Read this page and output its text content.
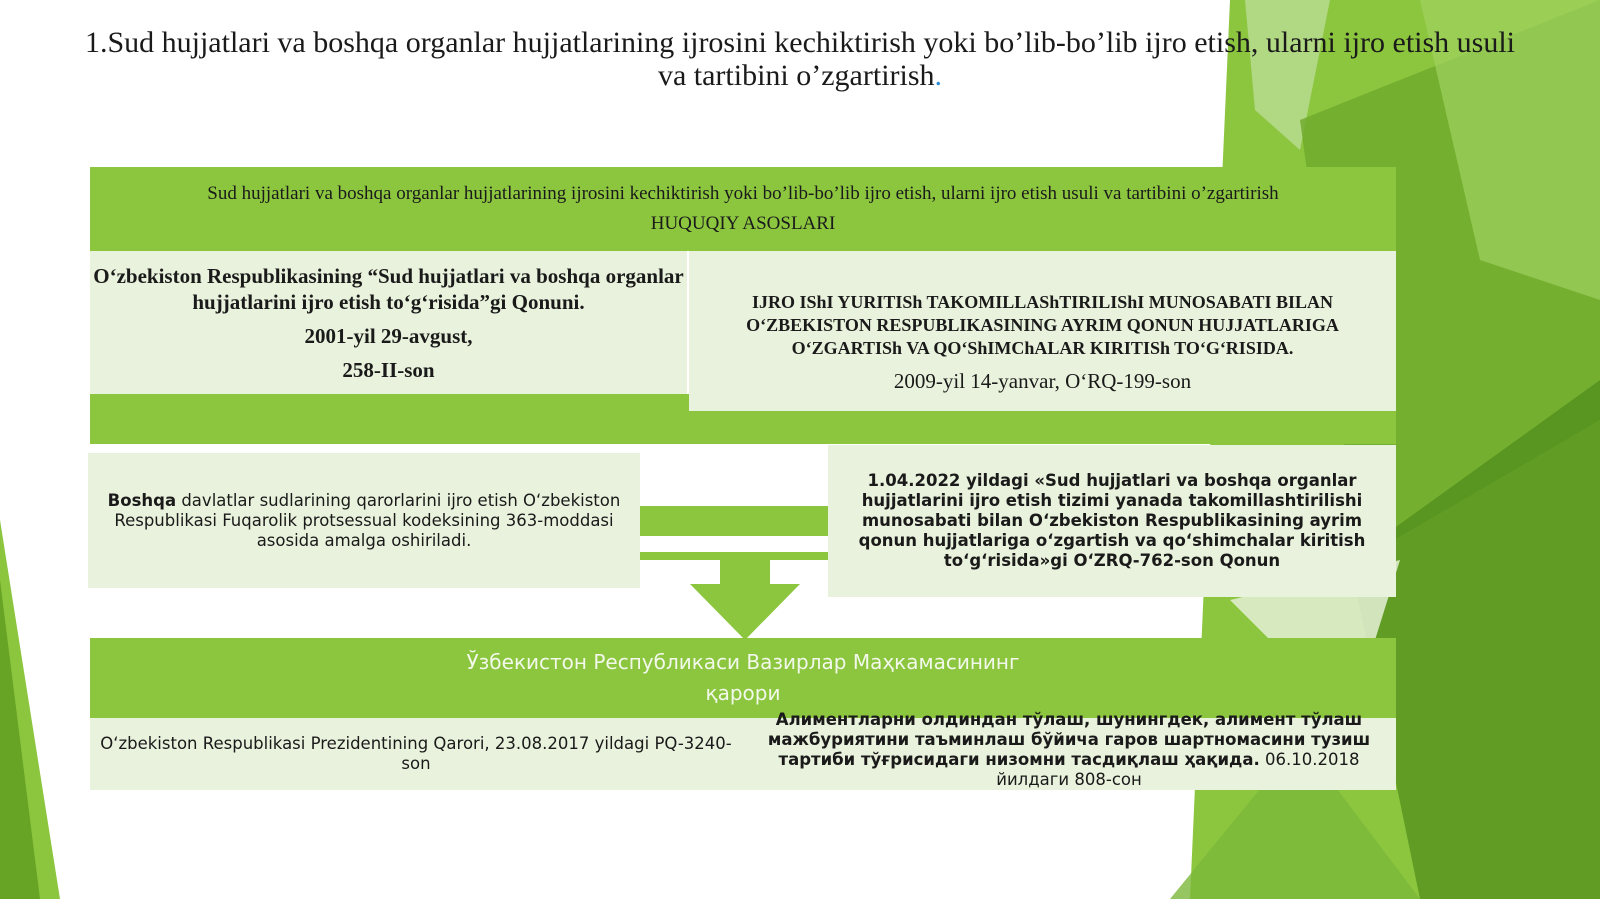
1.Sud hujjatlari va boshqa organlar hujjatlarining ijrosini kechiktirish yoki bo’lib-bo’lib ijro etish, ularni ijro etish usuli va tartibini o’zgartirish.
Sud hujjatlari va boshqa organlar hujjatlarining ijrosini kechiktirish yoki bo’lib-bo’lib ijro etish, ularni ijro etish usuli va tartibini o’zgartirish
HUQUQIY ASOSLARI
IJRO IShI YURITISh TAKOMILLAShTIRILIShI MUNOSABATI BILAN O‘ZBEKISTON RESPUBLIKASINING AYRIM QONUN HUJJATLARIGA O‘ZGARTISh VA QO‘ShIMChALAR KIRITISh TO‘G‘RISIDA.
2009-yil 14-yanvar, O‘RQ-199-son
O‘zbekiston Respublikasining “Sud hujjatlari va boshqa organlar hujjatlarini ijro etish to‘g‘risida”gi Qonuni.
2001-yil 29-avgust,
258-II-son
Boshqa davlatlar sudlarining qarorlarini ijro etish O‘zbekiston Respublikasi Fuqarolik protsessual kodeksining 363-moddasi asosida amalga oshiriladi.
1.04.2022 yildagi «Sud hujjatlari va boshqa organlar hujjatlarini ijro etish tizimi yanada takomillashtirilishi munosabati bilan O‘zbekiston Respublikasining ayrim qonun hujjatlariga o‘zgartish va qo‘shimchalar kiritish to‘g‘risida»gi O‘ZRQ-762-son Qonun
Ўзбекистон Республикаси Вазирлар Маҳкамасининг
қарори
O‘zbekiston Respublikasi Prezidentining Qarori, 23.08.2017 yildagi PQ-3240-son
Алиментларни олдиндан тўлаш, шунингдек, алимент тўлаш мажбуриятини таъминлаш бўйича гаров шартномасини тузиш тартиби тўғрисидаги низомни тасдиқлаш ҳақида. 06.10.2018 йилдаги 808-сон
